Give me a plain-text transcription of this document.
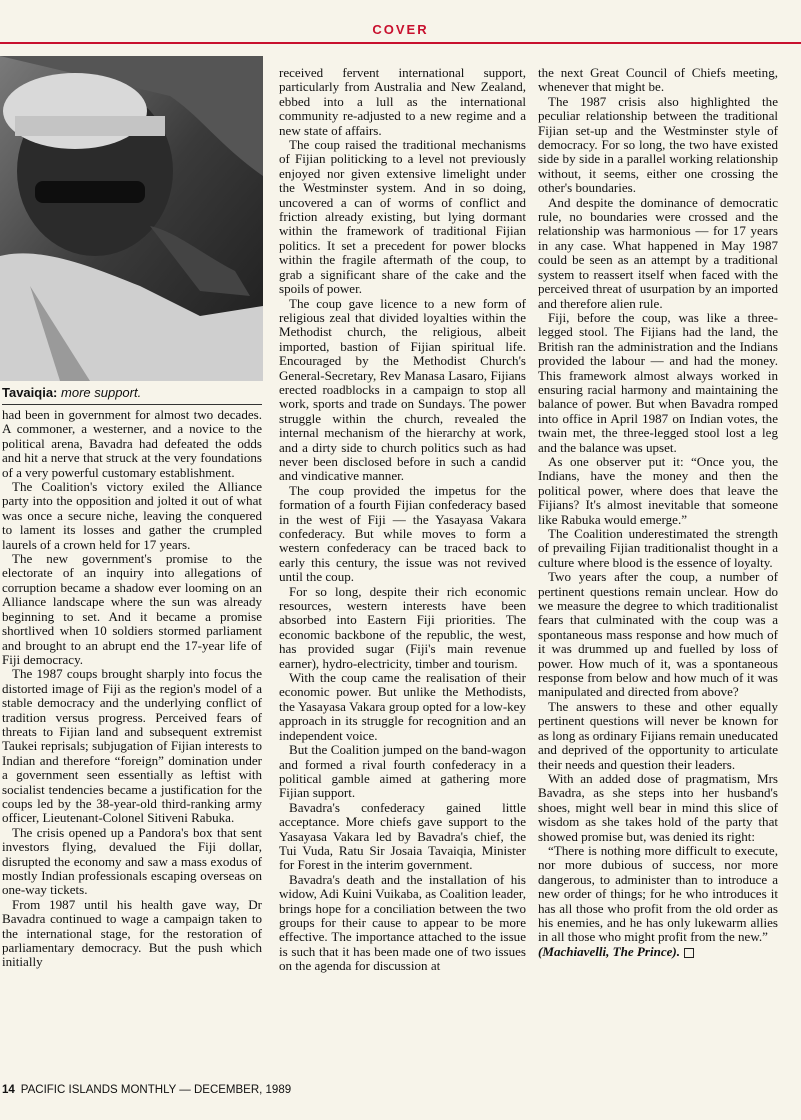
COVER
Tavaiqia: more support.

had been in government for almost two decades. A commoner, a westerner, and a novice to the political arena, Bavadra had defeated the odds and hit a nerve that struck at the very foundations of a very powerful customary establishment.

The Coalition's victory exiled the Alliance party into the opposition and jolted it out of what was once a secure niche, leaving the conquered to lament its losses and gather the crumpled laurels of a crown held for 17 years.

The new government's promise to the electorate of an inquiry into allegations of corruption became a shadow ever looming on an Alliance landscape where the sun was already beginning to set. And it became a promise shortlived when 10 soldiers stormed parliament and brought to an abrupt end the 17-year life of Fiji democracy.

The 1987 coups brought sharply into focus the distorted image of Fiji as the region's model of a stable democracy and the underlying conflict of tradition versus progress. Perceived fears of threats to Fijian land and subsequent extremist Taukei reprisals; subjugation of Fijian interests to Indian and therefore “foreign” domination under a government seen essentially as leftist with socialist tendencies became a justification for the coups led by the 38-year-old third-ranking army officer, Lieutenant-Colonel Sitiveni Rabuka.

The crisis opened up a Pandora's box that sent investors flying, devalued the Fiji dollar, disrupted the economy and saw a mass exodus of mostly Indian professionals escaping overseas on one-way tickets.

From 1987 until his health gave way, Dr Bavadra continued to wage a campaign taken to the international stage, for the restoration of parliamentary democracy. But the push which initially

received fervent international support, particularly from Australia and New Zealand, ebbed into a lull as the international community re-adjusted to a new regime and a new state of affairs.

The coup raised the traditional mechanisms of Fijian politicking to a level not previously enjoyed nor given extensive limelight under the Westminster system. And in so doing, uncovered a can of worms of conflict and friction already existing, but lying dormant within the framework of traditional Fijian politics. It set a precedent for power blocks within the fragile aftermath of the coup, to grab a significant share of the cake and the spoils of power.

The coup gave licence to a new form of religious zeal that divided loyalties within the Methodist church, the religious, albeit imported, bastion of Fijian spiritual life. Encouraged by the Methodist Church's General-Secretary, Rev Manasa Lasaro, Fijians erected roadblocks in a campaign to stop all work, sports and trade on Sundays. The power struggle within the church, revealed the internal mechanism of the hierarchy at work, and a dirty side to church politics such as had never been disclosed before in such a candid and vindicative manner.

The coup provided the impetus for the formation of a fourth Fijian confederacy based in the west of Fiji — the Yasayasa Vakara confederacy. But while moves to form a western confederacy can be traced back to early this century, the issue was not revived until the coup.

For so long, despite their rich economic resources, western interests have been absorbed into Eastern Fiji priorities. The economic backbone of the republic, the west, has provided sugar (Fiji's main revenue earner), hydro-electricity, timber and tourism.

With the coup came the realisation of their economic power. But unlike the Methodists, the Yasayasa Vakara group opted for a low-key approach in its struggle for recognition and an independent voice.

But the Coalition jumped on the band-wagon and formed a rival fourth confederacy in a political gamble aimed at gathering more Fijian support.

Bavadra's confederacy gained little acceptance. More chiefs gave support to the Yasayasa Vakara led by Bavadra's chief, the Tui Vuda, Ratu Sir Josaia Tavaiqia, Minister for Forest in the interim government.

Bavadra's death and the installation of his widow, Adi Kuini Vuikaba, as Coalition leader, brings hope for a conciliation between the two groups for their cause to appear to be more effective. The importance attached to the issue is such that it has been made one of two issues on the agenda for discussion at

the next Great Council of Chiefs meeting, whenever that might be.

The 1987 crisis also highlighted the peculiar relationship between the traditional Fijian set-up and the Westminster style of democracy. For so long, the two have existed side by side in a parallel working relationship without, it seems, either one crossing the other's boundaries.

And despite the dominance of democratic rule, no boundaries were crossed and the relationship was harmonious — for 17 years in any case. What happened in May 1987 could be seen as an attempt by a traditional system to reassert itself when faced with the perceived threat of usurpation by an imported and therefore alien rule.

Fiji, before the coup, was like a three-legged stool. The Fijians had the land, the British ran the administration and the Indians provided the labour — and had the money. This framework almost always worked in ensuring racial harmony and maintaining the balance of power. But when Bavadra romped into office in April 1987 on Indian votes, the twain met, the three-legged stool lost a leg and the balance was upset.

As one observer put it: “Once you, the Indians, have the money and then the political power, where does that leave the Fijians? It's almost inevitable that someone like Rabuka would emerge.”

The Coalition underestimated the strength of prevailing Fijian traditionalist thought in a culture where blood is the essence of loyalty.

Two years after the coup, a number of pertinent questions remain unclear. How do we measure the degree to which traditionalist fears that culminated with the coup was a spontaneous mass response and how much of it was drummed up and fuelled by loss of power. How much of it, was a spontaneous response from below and how much of it was manipulated and directed from above?

The answers to these and other equally pertinent questions will never be known for as long as ordinary Fijians remain uneducated and deprived of the opportunity to articulate their needs and question their leaders.

With an added dose of pragmatism, Mrs Bavadra, as she steps into her husband's shoes, might well bear in mind this slice of wisdom as she takes hold of the party that showed promise but, was denied its right:

“There is nothing more difficult to execute, nor more dubious of success, nor more dangerous, to administer than to introduce a new order of things; for he who introduces it has all those who profit from the old order as his enemies, and he has only lukewarm allies in all those who might profit from the new.”

(Machiavelli, The Prince).

14 PACIFIC ISLANDS MONTHLY — DECEMBER, 1989
